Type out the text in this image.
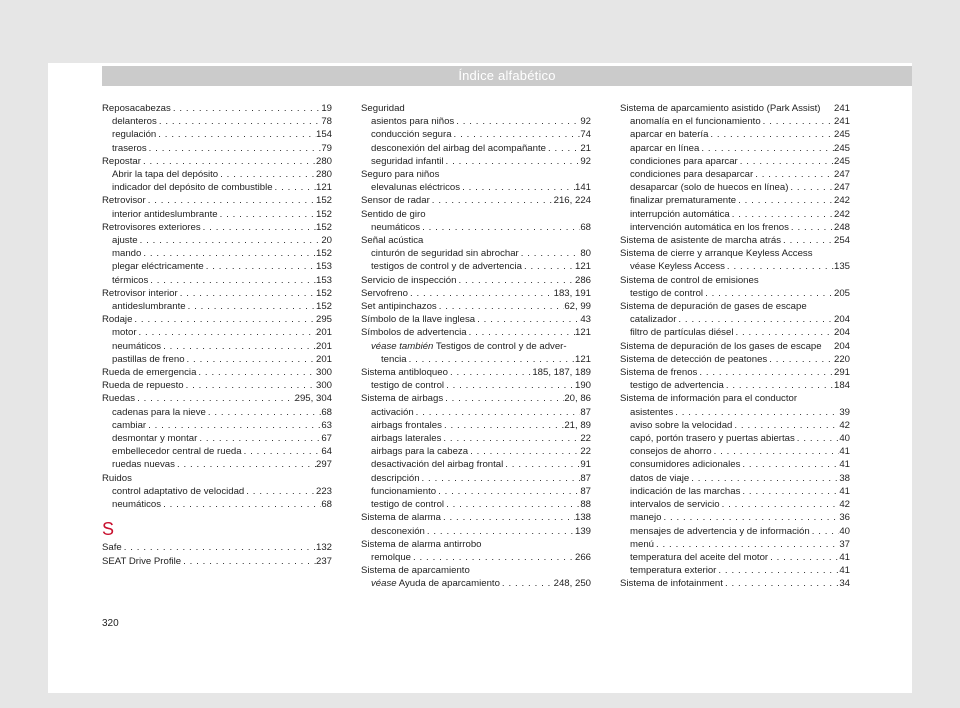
Índice alfabético
Reposacabezas . . .	19
delanteros . . .	78
regulación . . .	154
traseros . . .	79
Repostar . . .	280
Abrir la tapa del depósito . . .	280
indicador del depósito de combustible . . .	121
Retrovisor . . .	152
interior antideslumbrante . . .	152
Retrovisores exteriores . . .	152
ajuste . . .	20
mando . . .	152
plegar eléctricamente . . .	153
térmicos . . .	153
Retrovisor interior . . .	152
antideslumbrante . . .	152
Rodaje . . .	295
motor . . .	201
neumáticos . . .	201
pastillas de freno . . .	201
Rueda de emergencia . . .	300
Rueda de repuesto . . .	300
Ruedas . . .	295, 304
cadenas para la nieve . . .	68
cambiar . . .	63
desmontar y montar . . .	67
embellecedor central de rueda . . .	64
ruedas nuevas . . .	297
Ruidos
control adaptativo de velocidad . . .	223
neumáticos . . .	68
S
Safe . . .	132
SEAT Drive Profile . . .	237
Seguridad
asientos para niños . . .	92
conducción segura . . .	74
desconexión del airbag del acompañante . . .	21
seguridad infantil . . .	92
Seguro para niños
elevalunas eléctricos . . .	141
Sensor de radar . . .	216, 224
Sentido de giro
neumáticos . . .	68
Señal acústica
cinturón de seguridad sin abrochar . . .	80
testigos de control y de advertencia . . .	121
Servicio de inspección . . .	286
Servofreno . . .	183, 191
Set antipinchazos . . .	62, 99
Símbolo de la llave inglesa . . .	43
Símbolos de advertencia . . .	121
véase también Testigos de control y de adver-
tencia . . .	121
Sistema antibloqueo . . .	185, 187, 189
testigo de control . . .	190
Sistema de airbags . . .	20, 86
activación . . .	87
airbags frontales . . .	21, 89
airbags laterales . . .	22
airbags para la cabeza . . .	22
desactivación del airbag frontal . . .	91
descripción . . .	87
funcionamiento . . .	87
testigo de control . . .	88
Sistema de alarma . . .	138
desconexión . . .	139
Sistema de alarma antirrobo
remolque . . .	266
Sistema de aparcamiento
véase Ayuda de aparcamiento . . .	248, 250
Sistema de aparcamiento asistido (Park Assist) 241
anomalía en el funcionamiento . . .	241
aparcar en batería . . .	245
aparcar en línea . . .	245
condiciones para aparcar . . .	245
condiciones para desaparcar . . .	247
desaparcar (solo de huecos en línea) . . .	247
finalizar prematuramente . . .	242
interrupción automática . . .	242
intervención automática en los frenos . . .	248
Sistema de asistente de marcha atrás . . .	254
Sistema de cierre y arranque Keyless Access
véase Keyless Access . . .	135
Sistema de control de emisiones
testigo de control . . .	205
Sistema de depuración de gases de escape
catalizador . . .	204
filtro de partículas diésel . . .	204
Sistema de depuración de los gases de escape 204
Sistema de detección de peatones . . .	220
Sistema de frenos . . .	291
testigo de advertencia . . .	184
Sistema de información para el conductor
asistentes . . .	39
aviso sobre la velocidad . . .	42
capó, portón trasero y puertas abiertas . . .	40
consejos de ahorro . . .	41
consumidores adicionales . . .	41
datos de viaje . . .	38
indicación de las marchas . . .	41
intervalos de servicio . . .	42
manejo . . .	36
mensajes de advertencia y de información . . .	40
menú . . .	37
temperatura del aceite del motor . . .	41
temperatura exterior . . .	41
Sistema de infotainment . . .	34
320
